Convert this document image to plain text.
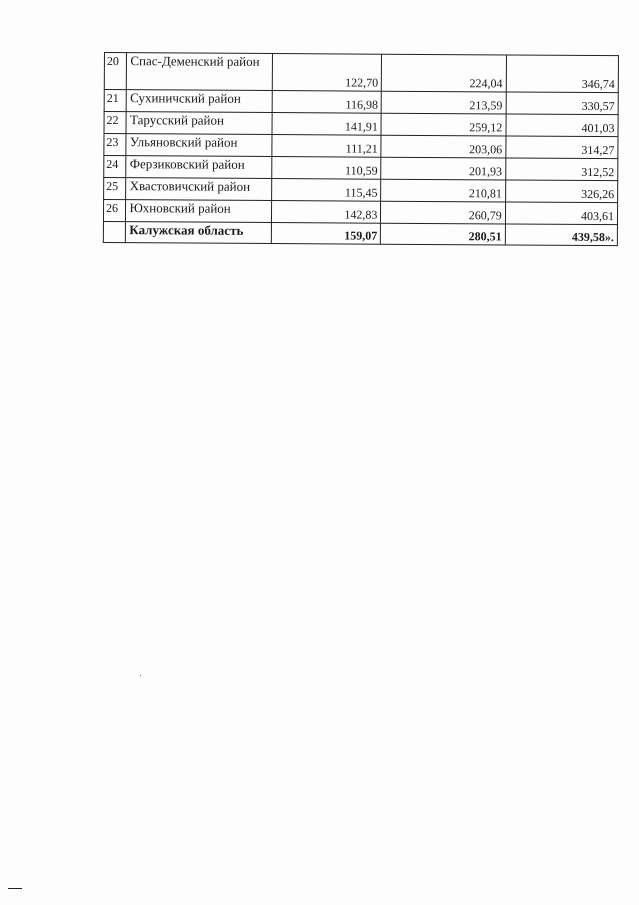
20	Спас-Деменский район	122,70	224,04	346,74
21	Сухиничский район	116,98	213,59	330,57
22	Тарусский район	141,91	259,12	401,03
23	Ульяновский район	111,21	203,06	314,27
24	Ферзиковский район	110,59	201,93	312,52
25	Хвастовичский район	115,45	210,81	326,26
26	Юхновский район	142,83	260,79	403,61
	Калужская область	159,07	280,51	439,58».
